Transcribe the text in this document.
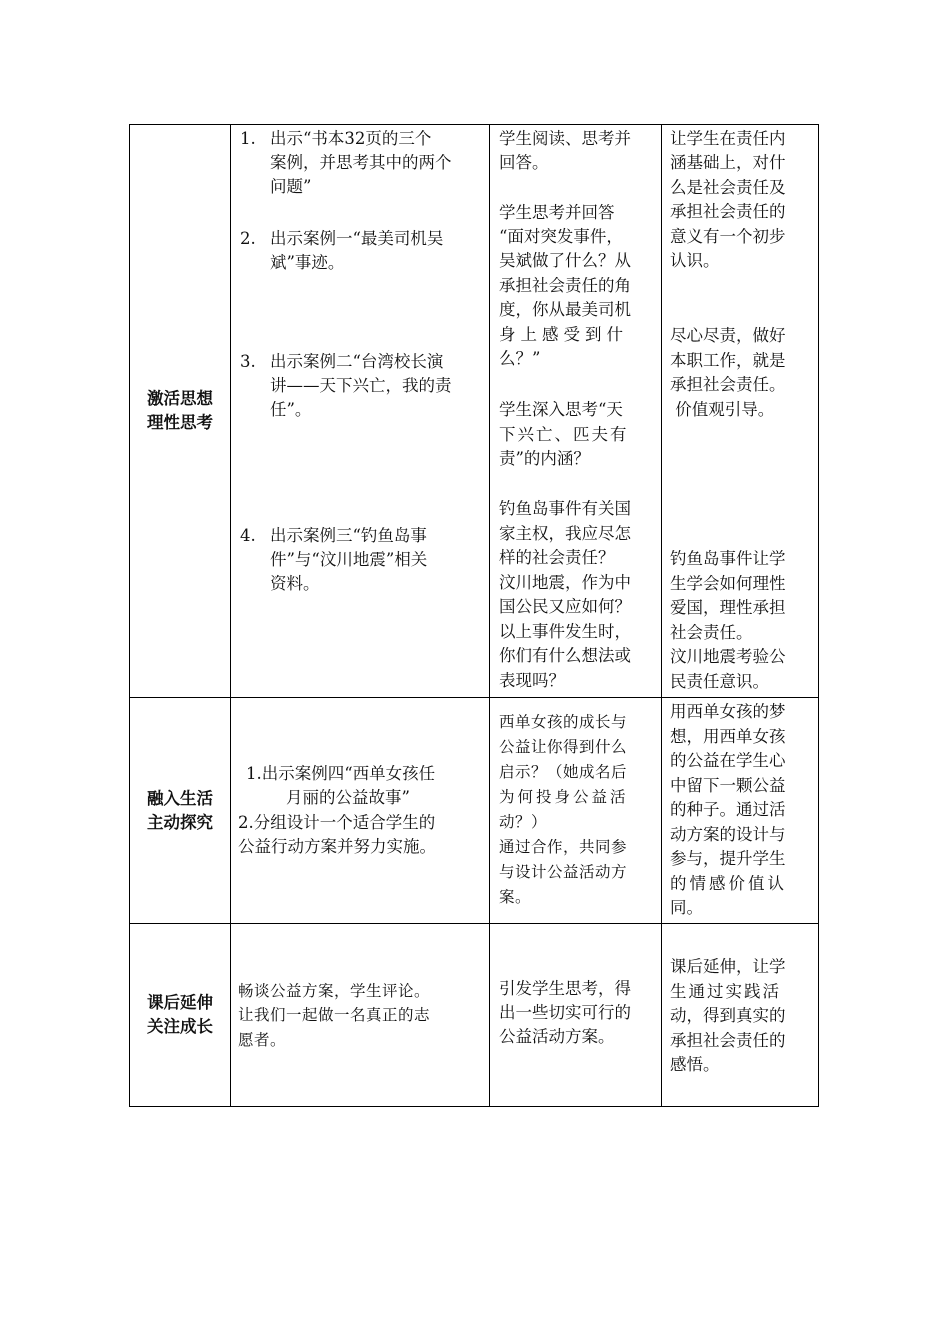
激活思想
理性思考
1. 出示“书本32页的三个
案例，并思考其中的两个
问题”
2. 出示案例一“最美司机吴
斌”事迹。
3. 出示案例二“台湾校长演
讲——天下兴亡，我的责
任”。
4. 出示案例三“钓鱼岛事
件”与“汶川地震”相关
资料。
学生阅读、思考并
回答。
学生思考并回答
“面对突发事件，
吴斌做了什么？从
承担社会责任的角
度，你从最美司机
身上感受到什
么？”
学生深入思考“天
下兴亡、匹夫有
责”的内涵？
钓鱼岛事件有关国
家主权，我应尽怎
样的社会责任？
汶川地震，作为中
国公民又应如何？
以上事件发生时，
你们有什么想法或
表现吗？
让学生在责任内
涵基础上，对什
么是社会责任及
承担社会责任的
意义有一个初步
认识。
尽心尽责，做好
本职工作，就是
承担社会责任。
价值观引导。
钓鱼岛事件让学
生学会如何理性
爱国，理性承担
社会责任。
汶川地震考验公
民责任意识。
融入生活
主动探究
1.出示案例四“西单女孩任
月丽的公益故事”
2.分组设计一个适合学生的
公益行动方案并努力实施。
西单女孩的成长与
公益让你得到什么
启示？（她成名后
为何投身公益活
动？）
通过合作，共同参
与设计公益活动方
案。
用西单女孩的梦
想，用西单女孩
的公益在学生心
中留下一颗公益
的种子。通过活
动方案的设计与
参与，提升学生
的情感价值认
同。
课后延伸
关注成长
畅谈公益方案，学生评论。
让我们一起做一名真正的志
愿者。
引发学生思考，得
出一些切实可行的
公益活动方案。
课后延伸，让学
生通过实践活
动，得到真实的
承担社会责任的
感悟。
